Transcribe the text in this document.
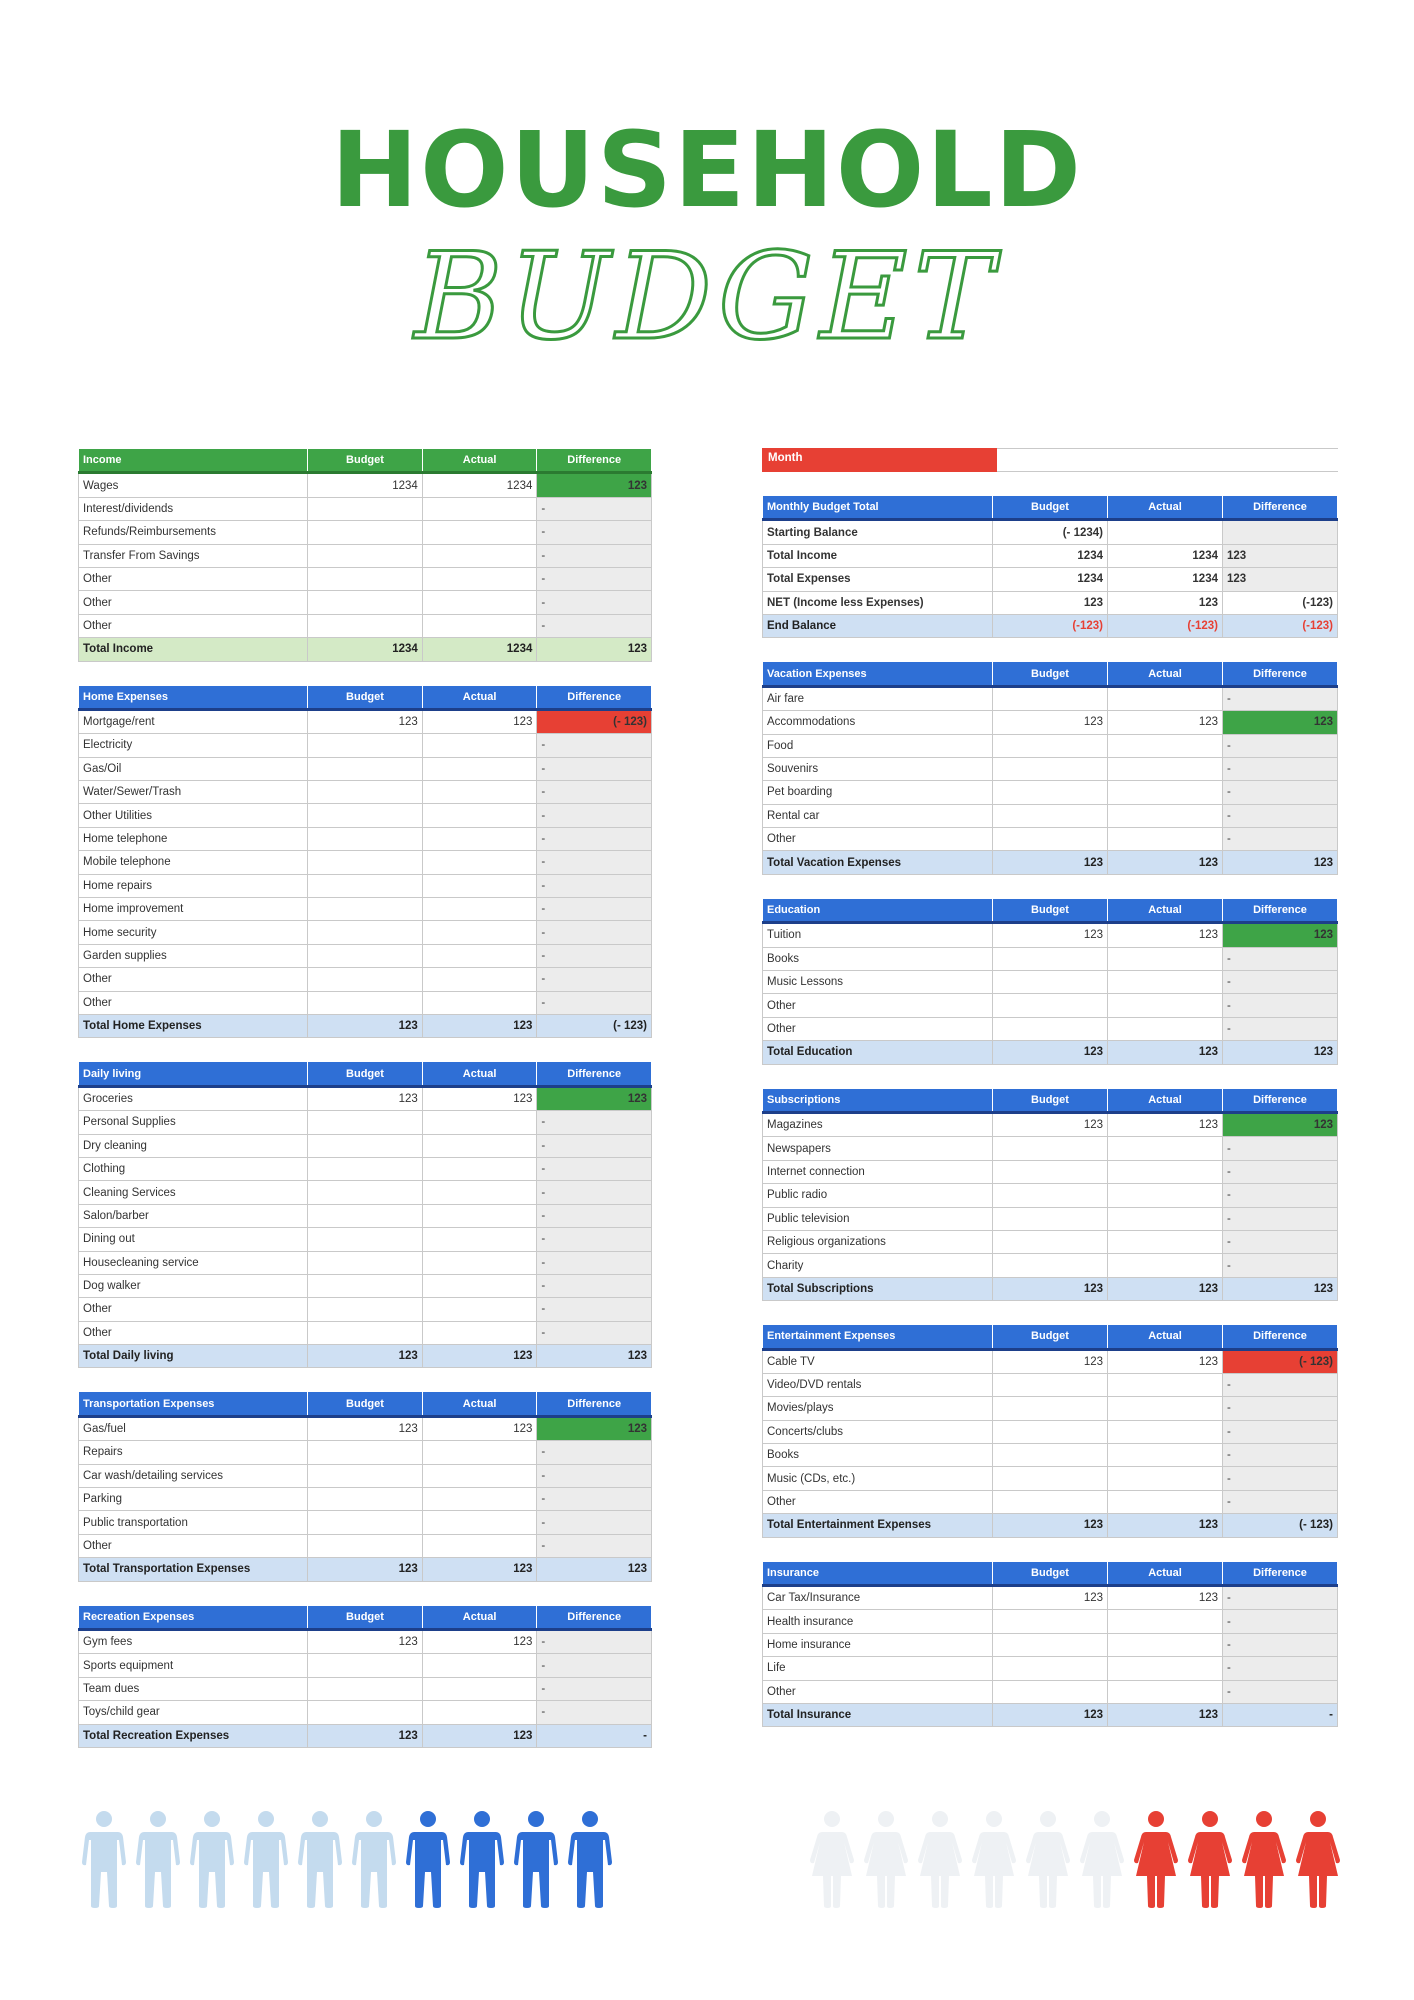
HOUSEHOLD
BUDGET
Income	Budget	Actual	Difference
Wages	1234	1234	123
Interest/dividends			-
Refunds/Reimbursements			-
Transfer From Savings			-
Other			-
Other			-
Other			-
Total Income	1234	1234	123
Home Expenses	Budget	Actual	Difference
Mortgage/rent	123	123	(- 123)
Electricity			-
Gas/Oil			-
Water/Sewer/Trash			-
Other Utilities			-
Home telephone			-
Mobile telephone			-
Home repairs			-
Home improvement			-
Home security			-
Garden supplies			-
Other			-
Other			-
Total Home Expenses	123	123	(- 123)
Daily living	Budget	Actual	Difference
Groceries	123	123	123
Personal Supplies			-
Dry cleaning			-
Clothing			-
Cleaning Services			-
Salon/barber			-
Dining out			-
Housecleaning service			-
Dog walker			-
Other			-
Other			-
Total Daily living	123	123	123
Transportation Expenses	Budget	Actual	Difference
Gas/fuel	123	123	123
Repairs			-
Car wash/detailing services			-
Parking			-
Public transportation			-
Other			-
Total Transportation Expenses	123	123	123
Recreation Expenses	Budget	Actual	Difference
Gym fees	123	123	-
Sports equipment			-
Team dues			-
Toys/child gear			-
Total Recreation Expenses	123	123	-
Month
Monthly Budget Total	Budget	Actual	Difference
Starting Balance	(- 1234)		
Total Income	1234	1234	123
Total Expenses	1234	1234	123
NET (Income less Expenses)	123	123	(-123)
End Balance	(-123)	(-123)	(-123)
Vacation Expenses	Budget	Actual	Difference
Air fare			-
Accommodations	123	123	123
Food			-
Souvenirs			-
Pet boarding			-
Rental car			-
Other			-
Total Vacation Expenses	123	123	123
Education	Budget	Actual	Difference
Tuition	123	123	123
Books			-
Music Lessons			-
Other			-
Other			-
Total Education	123	123	123
Subscriptions	Budget	Actual	Difference
Magazines	123	123	123
Newspapers			-
Internet connection			-
Public radio			-
Public television			-
Religious organizations			-
Charity			-
Total Subscriptions	123	123	123
Entertainment Expenses	Budget	Actual	Difference
Cable TV	123	123	(- 123)
Video/DVD rentals			-
Movies/plays			-
Concerts/clubs			-
Books			-
Music (CDs, etc.)			-
Other			-
Total Entertainment Expenses	123	123	(- 123)
Insurance	Budget	Actual	Difference
Car Tax/Insurance	123	123	-
Health insurance			-
Home insurance			-
Life			-
Other			-
Total Insurance	123	123	-
